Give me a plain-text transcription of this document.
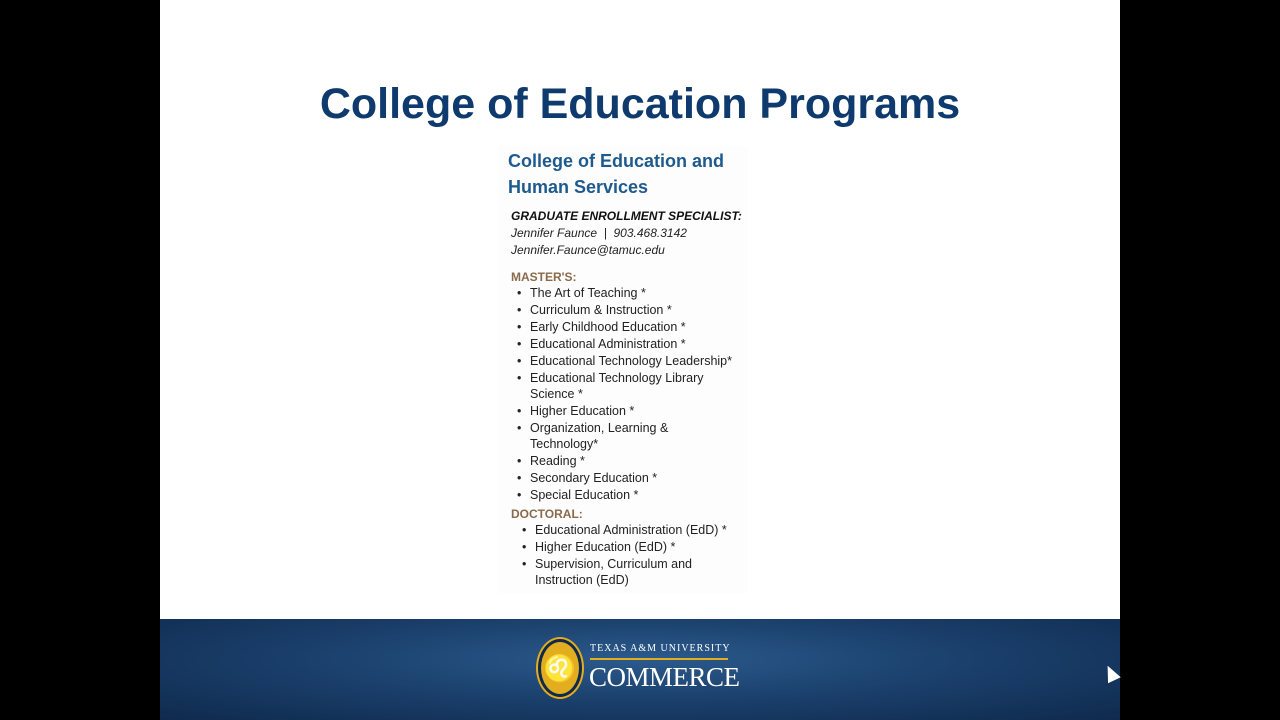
College of Education Programs
College of Education and
Human Services
GRADUATE ENROLLMENT SPECIALIST:
Jennifer Faunce  |  903.468.3142
Jennifer.Faunce@tamuc.edu
MASTER'S:
• The Art of Teaching *
• Curriculum & Instruction *
• Early Childhood Education *
• Educational Administration *
• Educational Technology Leadership*
• Educational Technology Library Science *
• Higher Education *
• Organization, Learning & Technology*
• Reading *
• Secondary Education *
• Special Education *
DOCTORAL:
• Educational Administration (EdD) *
• Higher Education (EdD) *
• Supervision, Curriculum and Instruction (EdD)
♌
TEXAS A&M UNIVERSITY
COMMERCE
